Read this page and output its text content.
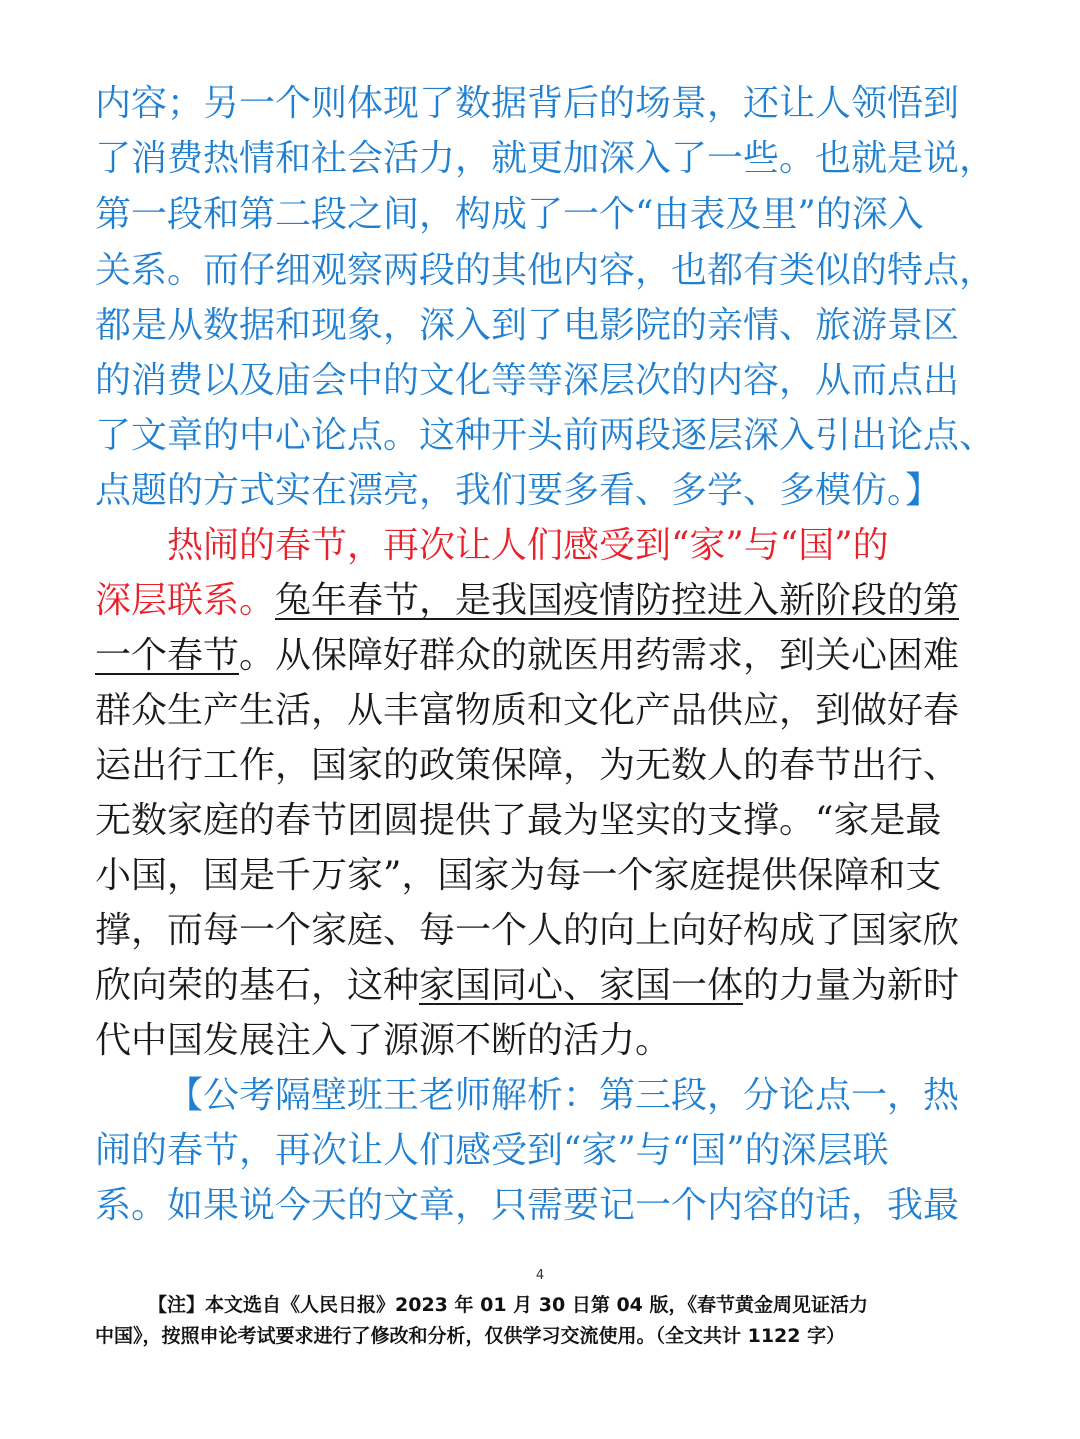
内容；另一个则体现了数据背后的场景，还让人领悟到
了消费热情和社会活力，就更加深入了一些。也就是说，
第一段和第二段之间，构成了一个“由表及里”的深入
关系。而仔细观察两段的其他内容，也都有类似的特点，
都是从数据和现象，深入到了电影院的亲情、旅游景区
的消费以及庙会中的文化等等深层次的内容，从而点出
了文章的中心论点。这种开头前两段逐层深入引出论点、
点题的方式实在漂亮，我们要多看、多学、多模仿。】
热闹的春节，再次让人们感受到“家”与“国”的
深层联系。兔年春节，是我国疫情防控进入新阶段的第
一个春节。从保障好群众的就医用药需求，到关心困难
群众生产生活，从丰富物质和文化产品供应，到做好春
运出行工作，国家的政策保障，为无数人的春节出行、
无数家庭的春节团圆提供了最为坚实的支撑。“家是最
小国，国是千万家”，国家为每一个家庭提供保障和支
撑，而每一个家庭、每一个人的向上向好构成了国家欣
欣向荣的基石，这种家国同心、家国一体的力量为新时
代中国发展注入了源源不断的活力。
【公考隔壁班王老师解析：第三段，分论点一，热
闹的春节，再次让人们感受到“家”与“国”的深层联
系。如果说今天的文章，只需要记一个内容的话，我最
4
【注】本文选自《人民日报》2023 年 01 月 30 日第 04 版，《春节黄金周见证活力
中国》，按照申论考试要求进行了修改和分析，仅供学习交流使用。（全文共计 1122 字）
